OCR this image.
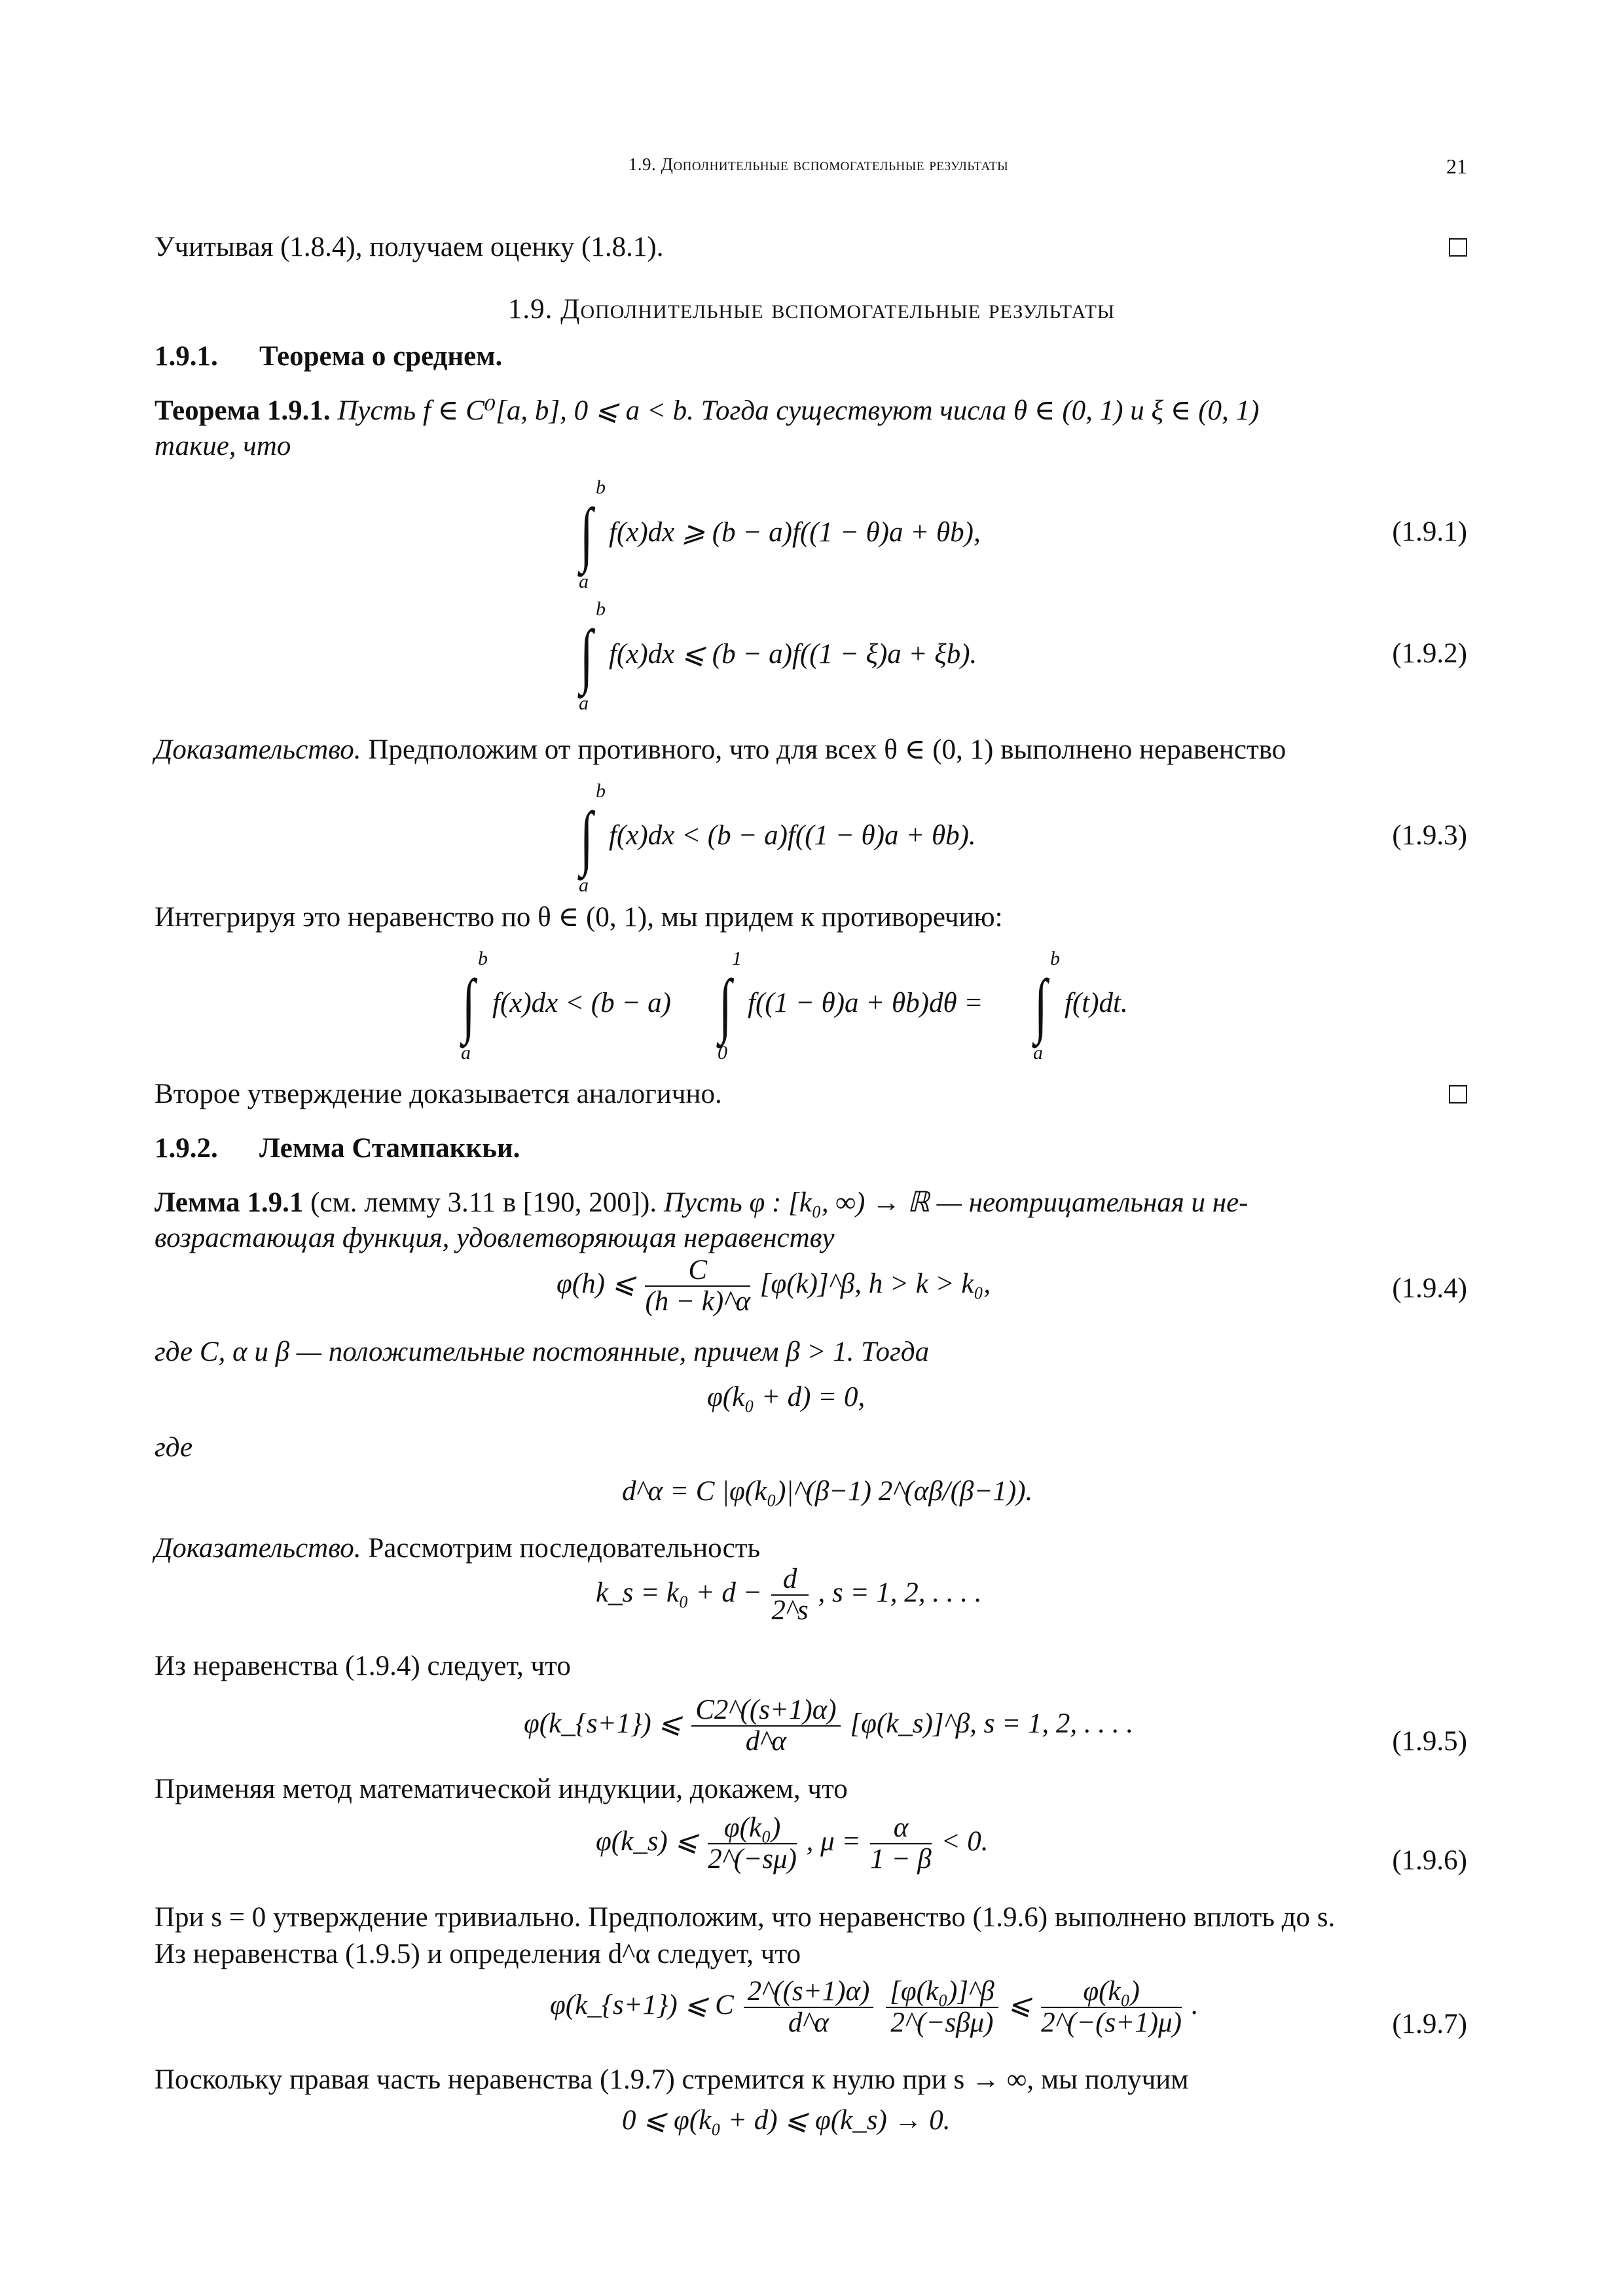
1.9. Дополнительные вспомогательные результаты	21
Учитывая (1.8.4), получаем оценку (1.8.1).
1.9. Дополнительные вспомогательные результаты
1.9.1. Теорема о среднем.
Теорема 1.9.1. Пусть f ∈ C⁰[a, b], 0 ⩽ a < b. Тогда существуют числа θ ∈ (0, 1) и ξ ∈ (0, 1)
такие, что
b
∫
a
f(x)dx ⩾ (b − a)f((1 − θ)a + θb),	(1.9.1)
b
∫
a
f(x)dx ⩽ (b − a)f((1 − ξ)a + ξb).	(1.9.2)
Доказательство. Предположим от противного, что для всех θ ∈ (0, 1) выполнено неравенство
b
∫
a
f(x)dx < (b − a)f((1 − θ)a + θb).	(1.9.3)
Интегрируя это неравенство по θ ∈ (0, 1), мы придем к противоречию:
b
∫
a
f(x)dx < (b − a)
1
∫
0
f((1 − θ)a + θb)dθ =
b
∫
a
f(t)dt.
Второе утверждение доказывается аналогично.
1.9.2. Лемма Стампаккьи.
Лемма 1.9.1 (см. лемму 3.11 в [190, 200]). Пусть φ : [k₀, ∞) → ℝ — неотрицательная и не-
возрастающая функция, удовлетворяющая неравенству
φ(h) ⩽ $\frac{C}{(h - k)\^{}\alpha}$ [φ(k)]^β, h > k > k₀,	(1.9.4)
где C, α и β — положительные постоянные, причем β > 1. Тогда
φ(k₀ + d) = 0,
где
d^α = C |φ(k₀)|^(β−1) 2^(αβ/(β−1)).
Доказательство. Рассмотрим последовательность
k_s = $k_0 + d - \frac{d}{2\^{}s}$ , s = 1, 2, . . . .
Из неравенства (1.9.4) следует, что
φ(k_{s+1}) ⩽ $\frac{C2\^{}((s+1)\alpha)}{d\^{}\alpha}$ [φ(k_s)]^β, s = 1, 2, . . . .
(1.9.5)
Применяя метод математической индукции, докажем, что
φ(k_s) ⩽ $\frac{\text{φ(k₀)}}{2\^{}(-s\mu)}$ , $\mu = \frac{\alpha}{1 - \beta} < 0$.
(1.9.6)
При s = 0 утверждение тривиально. Предположим, что неравенство (1.9.6) выполнено вплоть до s.
Из неравенства (1.9.5) и определения d^α следует, что
φ(k_{s+1}) ⩽ C $\frac{2\^{}((s+1)\alpha)}{d\^{}\alpha}$
$\frac{\text{[φ(k₀)]\textasciicircum{}β}}{\text{2\textasciicircum{}(−sβμ)}}$ ⩽ $\frac{\text{φ(k₀)}}{2\^{}(-(s+1)\mu)}$ .
(1.9.7)
Поскольку правая часть неравенства (1.9.7) стремится к нулю при s → ∞, мы получим
0 ⩽ φ(k₀ + d) ⩽ φ(k_s) → 0.
